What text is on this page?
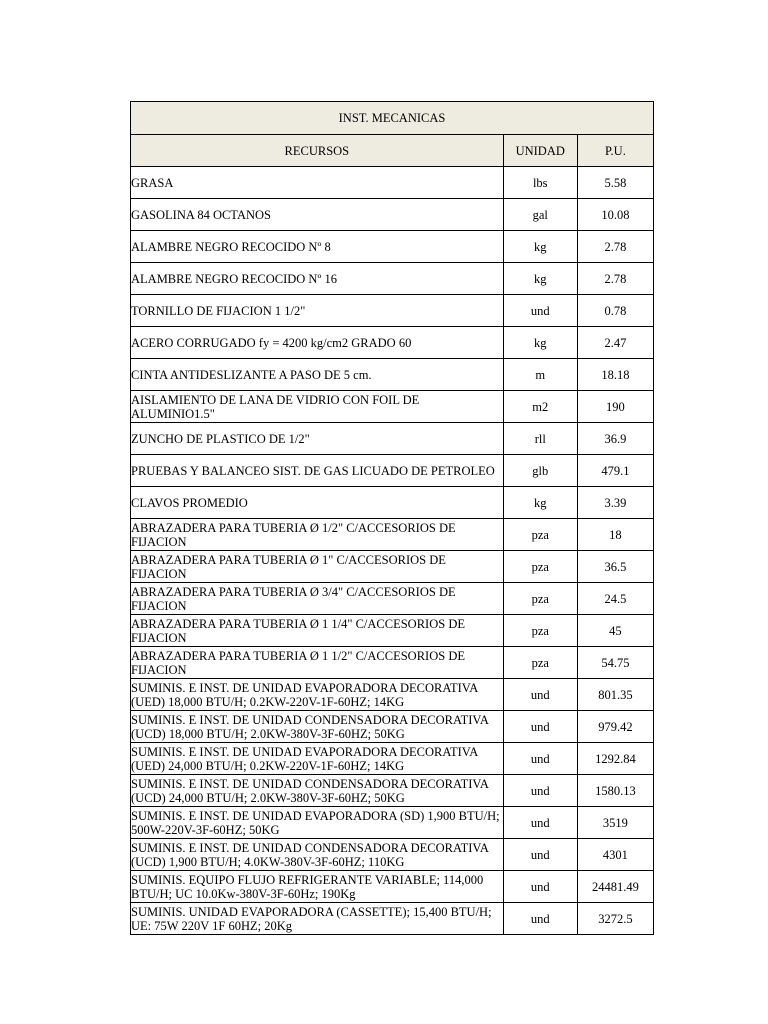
INST. MECANICAS		
RECURSOS	UNIDAD	P.U.
GRASA	lbs	5.58
GASOLINA 84 OCTANOS	gal	10.08
ALAMBRE NEGRO RECOCIDO Nº 8	kg	2.78
ALAMBRE NEGRO RECOCIDO Nº 16	kg	2.78
TORNILLO DE FIJACION 1 1/2"	und	0.78
ACERO CORRUGADO fy = 4200 kg/cm2 GRADO 60	kg	2.47
CINTA ANTIDESLIZANTE A PASO DE 5 cm.	m	18.18
AISLAMIENTO DE LANA DE VIDRIO CON FOIL DE ALUMINIO1.5"	m2	190
ZUNCHO DE PLASTICO DE 1/2"	rll	36.9
PRUEBAS Y BALANCEO SIST. DE GAS LICUADO DE PETROLEO	glb	479.1
CLAVOS PROMEDIO	kg	3.39
ABRAZADERA PARA TUBERIA Ø 1/2" C/ACCESORIOS DE FIJACION	pza	18
ABRAZADERA PARA TUBERIA Ø 1" C/ACCESORIOS DE FIJACION	pza	36.5
ABRAZADERA PARA TUBERIA Ø 3/4" C/ACCESORIOS DE FIJACION	pza	24.5
ABRAZADERA PARA TUBERIA Ø 1 1/4" C/ACCESORIOS DE FIJACION	pza	45
ABRAZADERA PARA TUBERIA Ø 1 1/2" C/ACCESORIOS DE FIJACION	pza	54.75
SUMINIS. E INST. DE UNIDAD EVAPORADORA DECORATIVA (UED) 18,000 BTU/H; 0.2KW-220V-1F-60HZ; 14KG	und	801.35
SUMINIS. E INST. DE UNIDAD CONDENSADORA DECORATIVA (UCD) 18,000 BTU/H; 2.0KW-380V-3F-60HZ; 50KG	und	979.42
SUMINIS. E INST. DE UNIDAD EVAPORADORA DECORATIVA (UED) 24,000 BTU/H; 0.2KW-220V-1F-60HZ; 14KG	und	1292.84
SUMINIS. E INST. DE UNIDAD CONDENSADORA DECORATIVA (UCD) 24,000 BTU/H; 2.0KW-380V-3F-60HZ; 50KG	und	1580.13
SUMINIS. E INST. DE UNIDAD EVAPORADORA (SD) 1,900 BTU/H; 500W-220V-3F-60HZ; 50KG	und	3519
SUMINIS. E INST. DE UNIDAD CONDENSADORA DECORATIVA (UCD) 1,900 BTU/H; 4.0KW-380V-3F-60HZ; 110KG	und	4301
SUMINIS. EQUIPO FLUJO REFRIGERANTE VARIABLE; 114,000 BTU/H; UC 10.0Kw-380V-3F-60Hz; 190Kg	und	24481.49
SUMINIS. UNIDAD EVAPORADORA (CASSETTE); 15,400 BTU/H; UE: 75W 220V 1F 60HZ; 20Kg	und	3272.5
